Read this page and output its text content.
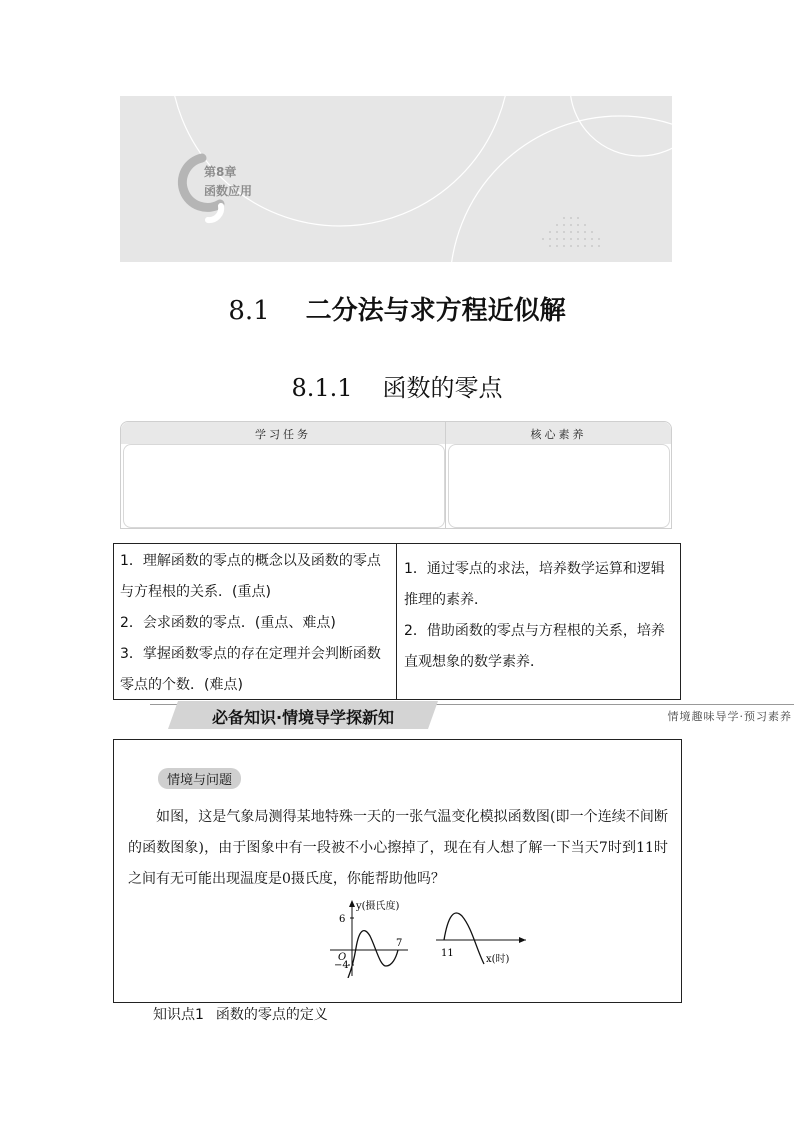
第8章
函数应用
8.1 二分法与求方程近似解
8.1.1 函数的零点
学习任务	核心素养

1．理解函数的零点的概念以及函数的零点与方程根的关系．(重点)

2．会求函数的零点．(重点、难点)

3．掌握函数零点的存在定理并会判断函数零点的个数．(难点)

1．通过零点的求法，培养数学运算和逻辑推理的素养．

2．借助函数的零点与方程根的关系，培养直观想象的数学素养．

必备知识·情境导学探新知	情境趣味导学·预习素养
情境与问题

如图，这是气象局测得某地特殊一天的一张气温变化模拟函数图(即一个连续不间断的函数图象)，由于图象中有一段被不小心擦掉了，现在有人想了解一下当天7时到11时之间有无可能出现温度是0摄氏度，你能帮助他吗？

y(摄氏度)
6
−4
O
7
11
x(时)
知识点1 函数的零点的定义
